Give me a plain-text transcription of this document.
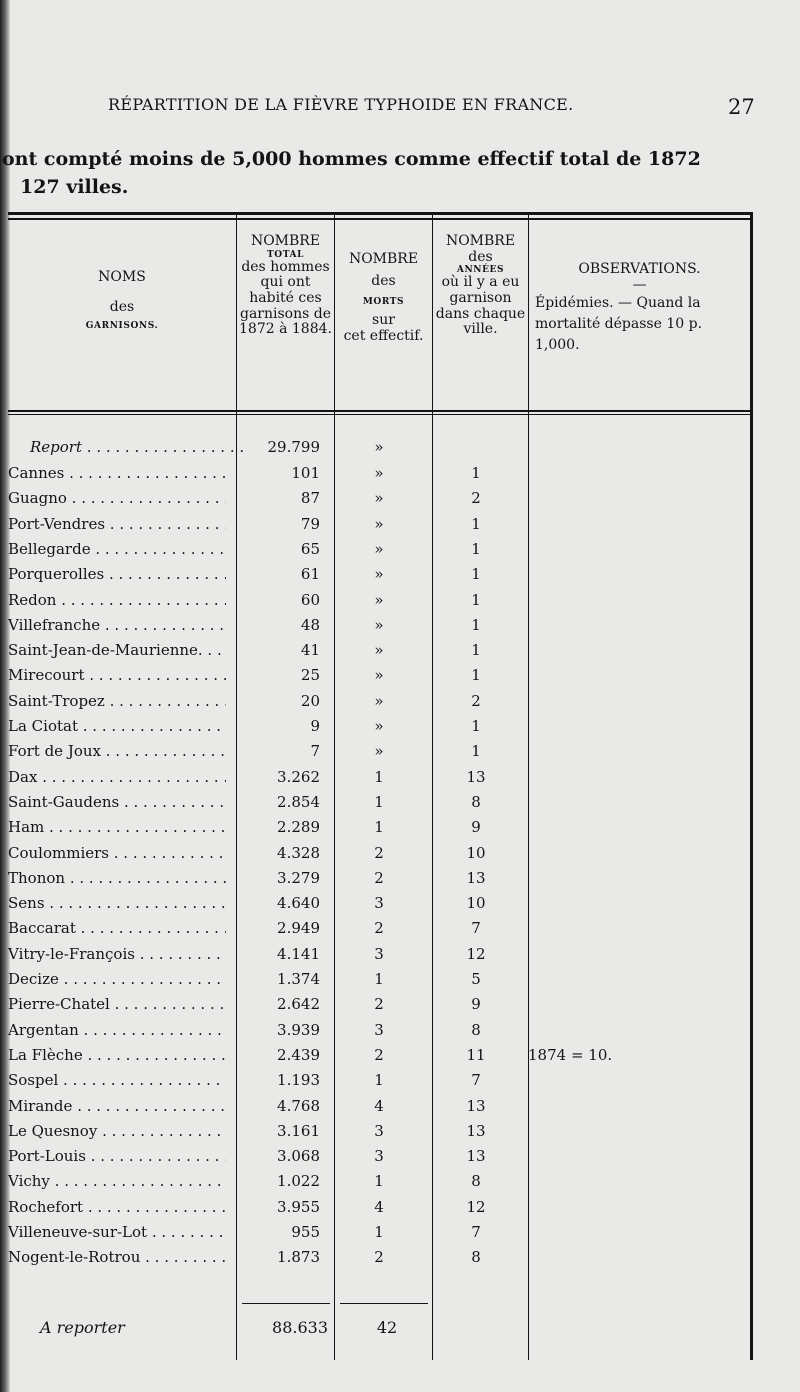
RÉPARTITION DE LA FIÈVRE TYPHOIDE EN FRANCE.	27
ont compté moins de 5,000 hommes comme effectif total de 1872
127 villes.
NOMS
des
GARNISONS.
NOMBRE
TOTAL
des hommes qui ont habité ces garnisons de 1872 à 1884.
NOMBRE
des
MORTS
sur
cet effectif.
NOMBRE
des
ANNÉES
où il y a eu garnison dans chaque ville.
OBSERVATIONS.
—
Épidémies. — Quand la mortalité dépasse 10 p. 1,000.
Report . . .	29.799	»
Cannes . . .	101	»	1
Guagno . . .	87	»	2
Port-Vendres . . .	79	»	1
Bellegarde . . .	65	»	1
Porquerolles . . .	61	»	1
Redon . . .	60	»	1
Villefranche . . .	48	»	1
Saint-Jean-de-Maurienne. . . .	41	»	1
Mirecourt . . .	25	»	1
Saint-Tropez . . .	20	»	2
La Ciotat . . .	9	»	1
Fort de Joux . . .	7	»	1
Dax . . .	3.262	1	13
Saint-Gaudens . . .	2.854	1	8
Ham . . .	2.289	1	9
Coulommiers . . .	4.328	2	10
Thonon . . .	3.279	2	13
Sens . . .	4.640	3	10
Baccarat . . .	2.949	2	7
Vitry-le-François . . .	4.141	3	12
Decize . . .	1.374	1	5
Pierre-Chatel . . .	2.642	2	9
Argentan . . .	3.939	3	8
La Flèche . . .	2.439	2	11	1874 = 10.
Sospel . . .	1.193	1	7
Mirande . . .	4.768	4	13
Le Quesnoy . . .	3.161	3	13
Port-Louis . . .	3.068	3	13
Vichy . . .	1.022	1	8
Rochefort . . .	3.955	4	12
Villeneuve-sur-Lot . . .	955	1	7
Nogent-le-Rotrou . . .	1.873	2	8
A reporter	88.633	42
